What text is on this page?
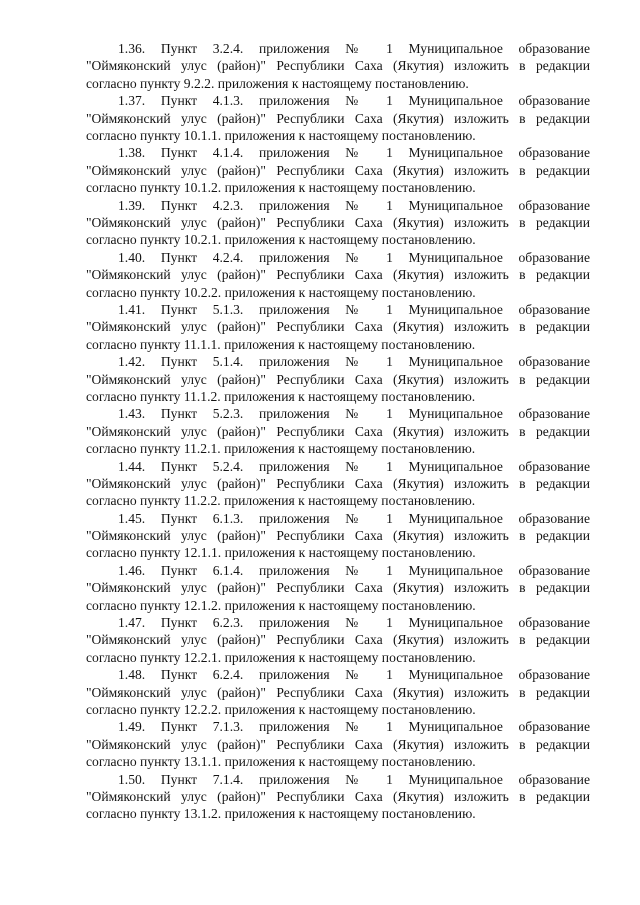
1.36. Пункт 3.2.4. приложения № 1 Муниципальное образование
"Оймяконский улус (район)" Республики Саха (Якутия) изложить в редакции
согласно пункту 9.2.2. приложения к настоящему постановлению.
1.37. Пункт 4.1.3. приложения № 1 Муниципальное образование
"Оймяконский улус (район)" Республики Саха (Якутия) изложить в редакции
согласно пункту 10.1.1. приложения к настоящему постановлению.
1.38. Пункт 4.1.4. приложения № 1 Муниципальное образование
"Оймяконский улус (район)" Республики Саха (Якутия) изложить в редакции
согласно пункту 10.1.2. приложения к настоящему постановлению.
1.39. Пункт 4.2.3. приложения № 1 Муниципальное образование
"Оймяконский улус (район)" Республики Саха (Якутия) изложить в редакции
согласно пункту 10.2.1. приложения к настоящему постановлению.
1.40. Пункт 4.2.4. приложения № 1 Муниципальное образование
"Оймяконский улус (район)" Республики Саха (Якутия) изложить в редакции
согласно пункту 10.2.2. приложения к настоящему постановлению.
1.41. Пункт 5.1.3. приложения № 1 Муниципальное образование
"Оймяконский улус (район)" Республики Саха (Якутия) изложить в редакции
согласно пункту 11.1.1. приложения к настоящему постановлению.
1.42. Пункт 5.1.4. приложения № 1 Муниципальное образование
"Оймяконский улус (район)" Республики Саха (Якутия) изложить в редакции
согласно пункту 11.1.2. приложения к настоящему постановлению.
1.43. Пункт 5.2.3. приложения № 1 Муниципальное образование
"Оймяконский улус (район)" Республики Саха (Якутия) изложить в редакции
согласно пункту 11.2.1. приложения к настоящему постановлению.
1.44. Пункт 5.2.4. приложения № 1 Муниципальное образование
"Оймяконский улус (район)" Республики Саха (Якутия) изложить в редакции
согласно пункту 11.2.2. приложения к настоящему постановлению.
1.45. Пункт 6.1.3. приложения № 1 Муниципальное образование
"Оймяконский улус (район)" Республики Саха (Якутия) изложить в редакции
согласно пункту 12.1.1. приложения к настоящему постановлению.
1.46. Пункт 6.1.4. приложения № 1 Муниципальное образование
"Оймяконский улус (район)" Республики Саха (Якутия) изложить в редакции
согласно пункту 12.1.2. приложения к настоящему постановлению.
1.47. Пункт 6.2.3. приложения № 1 Муниципальное образование
"Оймяконский улус (район)" Республики Саха (Якутия) изложить в редакции
согласно пункту 12.2.1. приложения к настоящему постановлению.
1.48. Пункт 6.2.4. приложения № 1 Муниципальное образование
"Оймяконский улус (район)" Республики Саха (Якутия) изложить в редакции
согласно пункту 12.2.2. приложения к настоящему постановлению.
1.49. Пункт 7.1.3. приложения № 1 Муниципальное образование
"Оймяконский улус (район)" Республики Саха (Якутия) изложить в редакции
согласно пункту 13.1.1. приложения к настоящему постановлению.
1.50. Пункт 7.1.4. приложения № 1 Муниципальное образование
"Оймяконский улус (район)" Республики Саха (Якутия) изложить в редакции
согласно пункту 13.1.2. приложения к настоящему постановлению.
